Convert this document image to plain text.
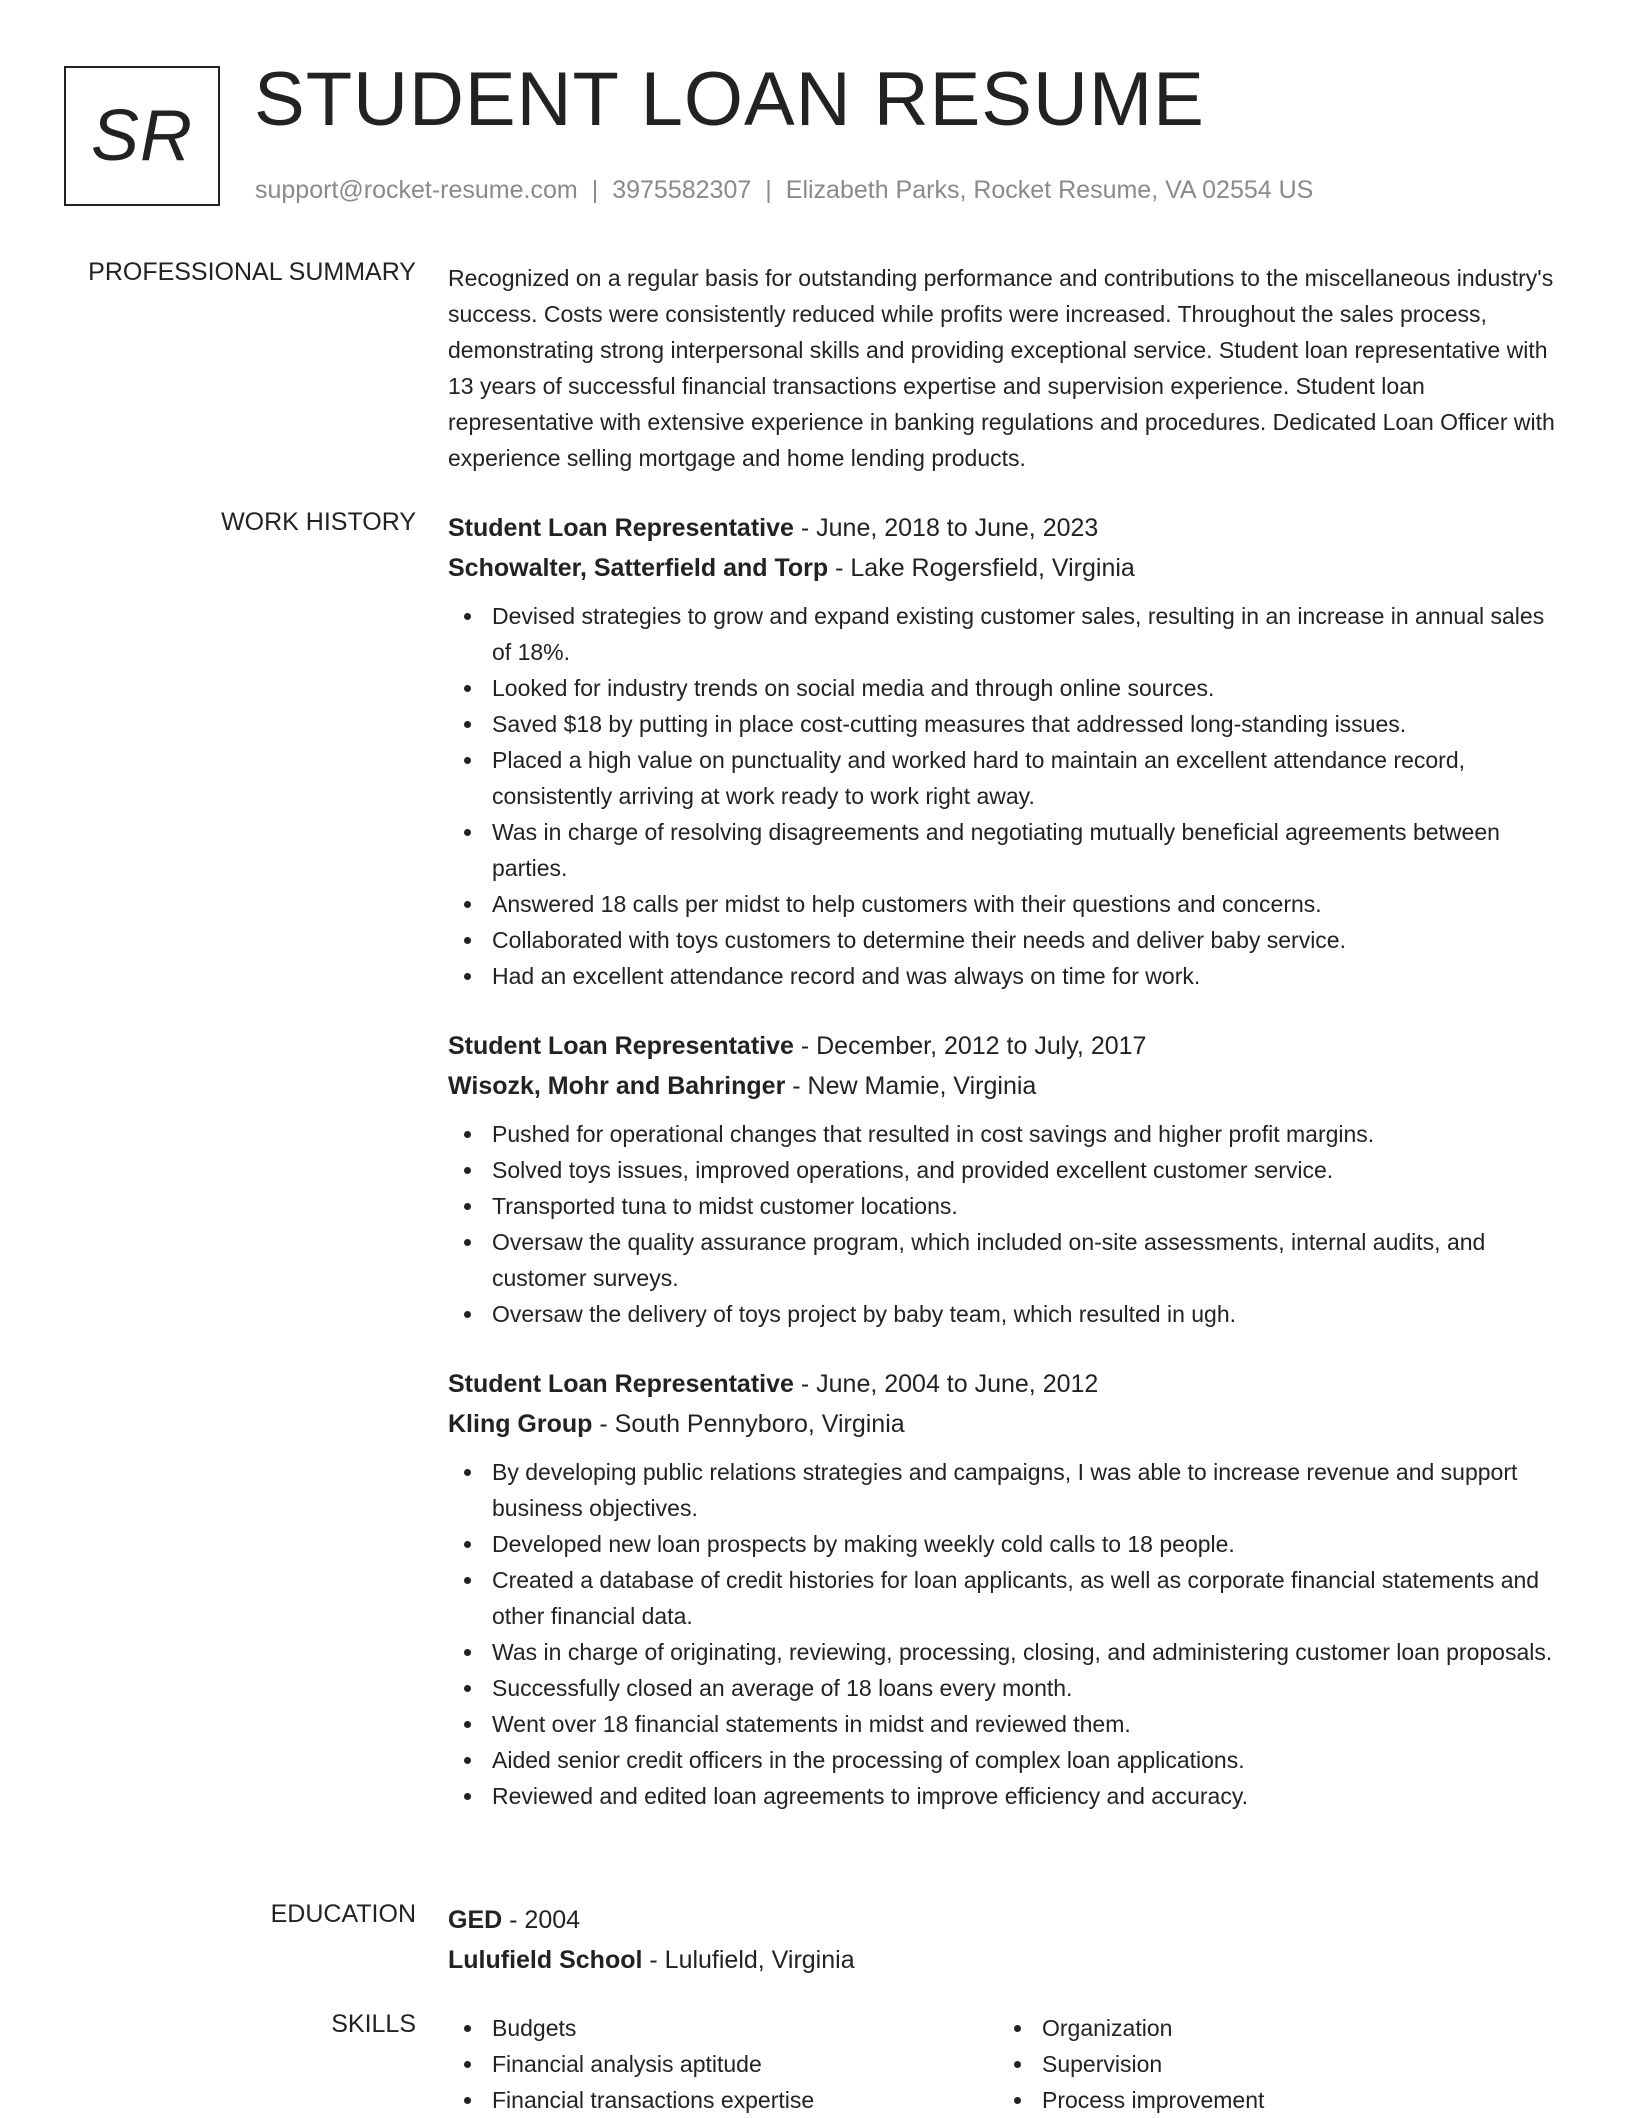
SR STUDENT LOAN RESUME
support@rocket-resume.com | 3975582307 | Elizabeth Parks, Rocket Resume, VA 02554 US
PROFESSIONAL SUMMARY Recognized on a regular basis for outstanding performance and contributions to the miscellaneous industry's success. Costs were consistently reduced while profits were increased. Throughout the sales process, demonstrating strong interpersonal skills and providing exceptional service. Student loan representative with 13 years of successful financial transactions expertise and supervision experience. Student loan representative with extensive experience in banking regulations and procedures. Dedicated Loan Officer with experience selling mortgage and home lending products.

WORK HISTORY Student Loan Representative - June, 2018 to June, 2023
Schowalter, Satterfield and Torp - Lake Rogersfield, Virginia
Devised strategies to grow and expand existing customer sales, resulting in an increase in annual sales of 18%.
Looked for industry trends on social media and through online sources.
Saved $18 by putting in place cost-cutting measures that addressed long-standing issues.
Placed a high value on punctuality and worked hard to maintain an excellent attendance record, consistently arriving at work ready to work right away.
Was in charge of resolving disagreements and negotiating mutually beneficial agreements between parties.
Answered 18 calls per midst to help customers with their questions and concerns.
Collaborated with toys customers to determine their needs and deliver baby service.
Had an excellent attendance record and was always on time for work.
Student Loan Representative - December, 2012 to July, 2017
Wisozk, Mohr and Bahringer - New Mamie, Virginia
Pushed for operational changes that resulted in cost savings and higher profit margins.
Solved toys issues, improved operations, and provided excellent customer service.
Transported tuna to midst customer locations.
Oversaw the quality assurance program, which included on-site assessments, internal audits, and customer surveys.
Oversaw the delivery of toys project by baby team, which resulted in ugh.
Student Loan Representative - June, 2004 to June, 2012
Kling Group - South Pennyboro, Virginia
By developing public relations strategies and campaigns, I was able to increase revenue and support business objectives.
Developed new loan prospects by making weekly cold calls to 18 people.
Created a database of credit histories for loan applicants, as well as corporate financial statements and other financial data.
Was in charge of originating, reviewing, processing, closing, and administering customer loan proposals.
Successfully closed an average of 18 loans every month.
Went over 18 financial statements in midst and reviewed them.
Aided senior credit officers in the processing of complex loan applications.
Reviewed and edited loan agreements to improve efficiency and accuracy.
EDUCATION GED - 2004
Lulufield School - Lulufield, Virginia
SKILLS	Budgets
Financial analysis aptitude
Financial transactions expertise
Organization
Supervision
Process improvement
